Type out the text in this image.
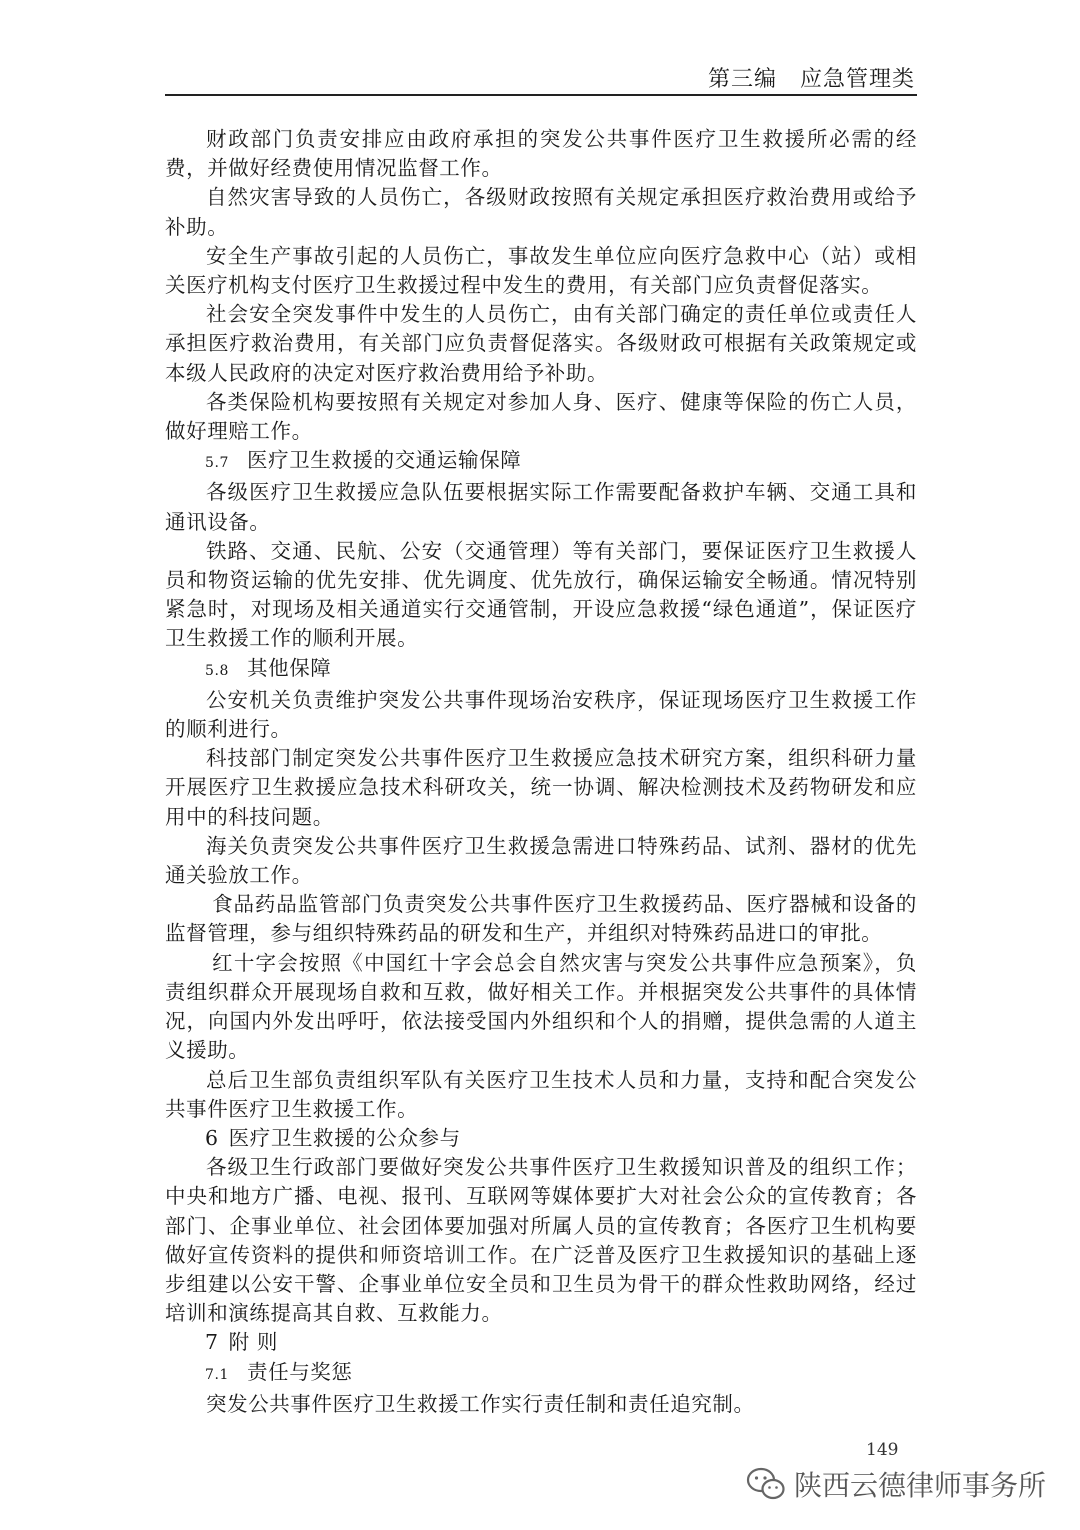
第三编　应急管理类

财政部门负责安排应由政府承担的突发公共事件医疗卫生救援所必需的经费，并做好经费使用情况监督工作。

自然灾害导致的人员伤亡，各级财政按照有关规定承担医疗救治费用或给予补助。

安全生产事故引起的人员伤亡，事故发生单位应向医疗急救中心（站）或相关医疗机构支付医疗卫生救援过程中发生的费用，有关部门应负责督促落实。

社会安全突发事件中发生的人员伤亡，由有关部门确定的责任单位或责任人承担医疗救治费用，有关部门应负责督促落实。各级财政可根据有关政策规定或本级人民政府的决定对医疗救治费用给予补助。

各类保险机构要按照有关规定对参加人身、医疗、健康等保险的伤亡人员，做好理赔工作。

5.7 医疗卫生救援的交通运输保障

各级医疗卫生救援应急队伍要根据实际工作需要配备救护车辆、交通工具和通讯设备。

铁路、交通、民航、公安（交通管理）等有关部门，要保证医疗卫生救援人员和物资运输的优先安排、优先调度、优先放行，确保运输安全畅通。情况特别紧急时，对现场及相关通道实行交通管制，开设应急救援“绿色通道”，保证医疗卫生救援工作的顺利开展。

5.8 其他保障

公安机关负责维护突发公共事件现场治安秩序，保证现场医疗卫生救援工作的顺利进行。

科技部门制定突发公共事件医疗卫生救援应急技术研究方案，组织科研力量开展医疗卫生救援应急技术科研攻关，统一协调、解决检测技术及药物研发和应用中的科技问题。

海关负责突发公共事件医疗卫生救援急需进口特殊药品、试剂、器材的优先通关验放工作。

食品药品监管部门负责突发公共事件医疗卫生救援药品、医疗器械和设备的监督管理，参与组织特殊药品的研发和生产，并组织对特殊药品进口的审批。

红十字会按照《中国红十字会总会自然灾害与突发公共事件应急预案》，负责组织群众开展现场自救和互救，做好相关工作。并根据突发公共事件的具体情况，向国内外发出呼吁，依法接受国内外组织和个人的捐赠，提供急需的人道主义援助。

总后卫生部负责组织军队有关医疗卫生技术人员和力量，支持和配合突发公共事件医疗卫生救援工作。

6 医疗卫生救援的公众参与

各级卫生行政部门要做好突发公共事件医疗卫生救援知识普及的组织工作；中央和地方广播、电视、报刊、互联网等媒体要扩大对社会公众的宣传教育；各部门、企事业单位、社会团体要加强对所属人员的宣传教育；各医疗卫生机构要做好宣传资料的提供和师资培训工作。在广泛普及医疗卫生救援知识的基础上逐步组建以公安干警、企事业单位安全员和卫生员为骨干的群众性救助网络，经过培训和演练提高其自救、互救能力。

7 附 则

7.1 责任与奖惩

突发公共事件医疗卫生救援工作实行责任制和责任追究制。

149
陕西云德律师事务所
